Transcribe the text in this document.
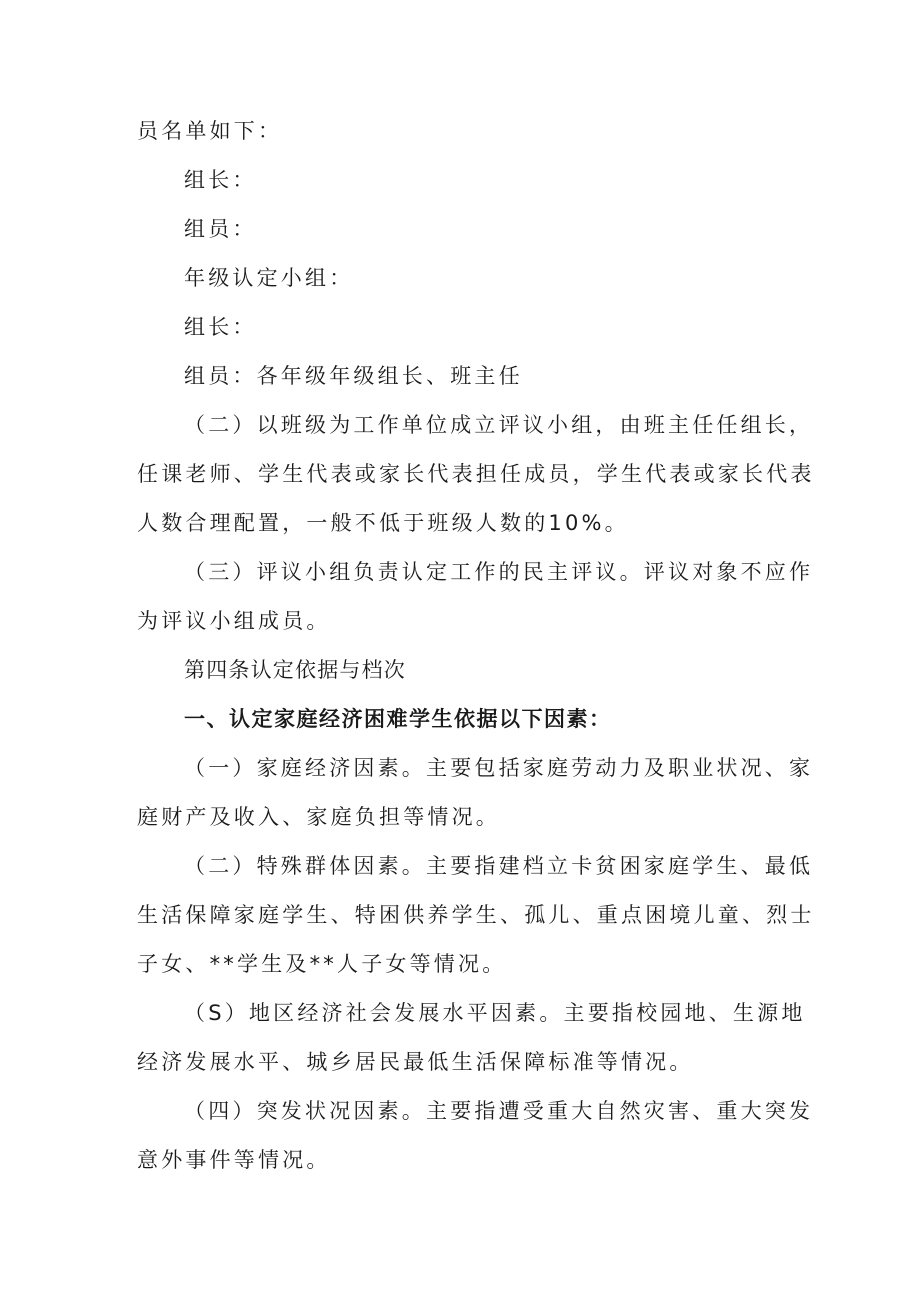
员名单如下：
组长：
组员：
年级认定小组：
组长：
组员：各年级年级组长、班主任
（二）以班级为工作单位成立评议小组，由班主任任组长，
任课老师、学生代表或家长代表担任成员，学生代表或家长代表
人数合理配置，一般不低于班级人数的10%。
（三）评议小组负责认定工作的民主评议。评议对象不应作
为评议小组成员。
第四条认定依据与档次
一、认定家庭经济困难学生依据以下因素：
（一）家庭经济因素。主要包括家庭劳动力及职业状况、家
庭财产及收入、家庭负担等情况。
（二）特殊群体因素。主要指建档立卡贫困家庭学生、最低
生活保障家庭学生、特困供养学生、孤儿、重点困境儿童、烈士
子女、**学生及**人子女等情况。
（S）地区经济社会发展水平因素。主要指校园地、生源地
经济发展水平、城乡居民最低生活保障标准等情况。
（四）突发状况因素。主要指遭受重大自然灾害、重大突发
意外事件等情况。
